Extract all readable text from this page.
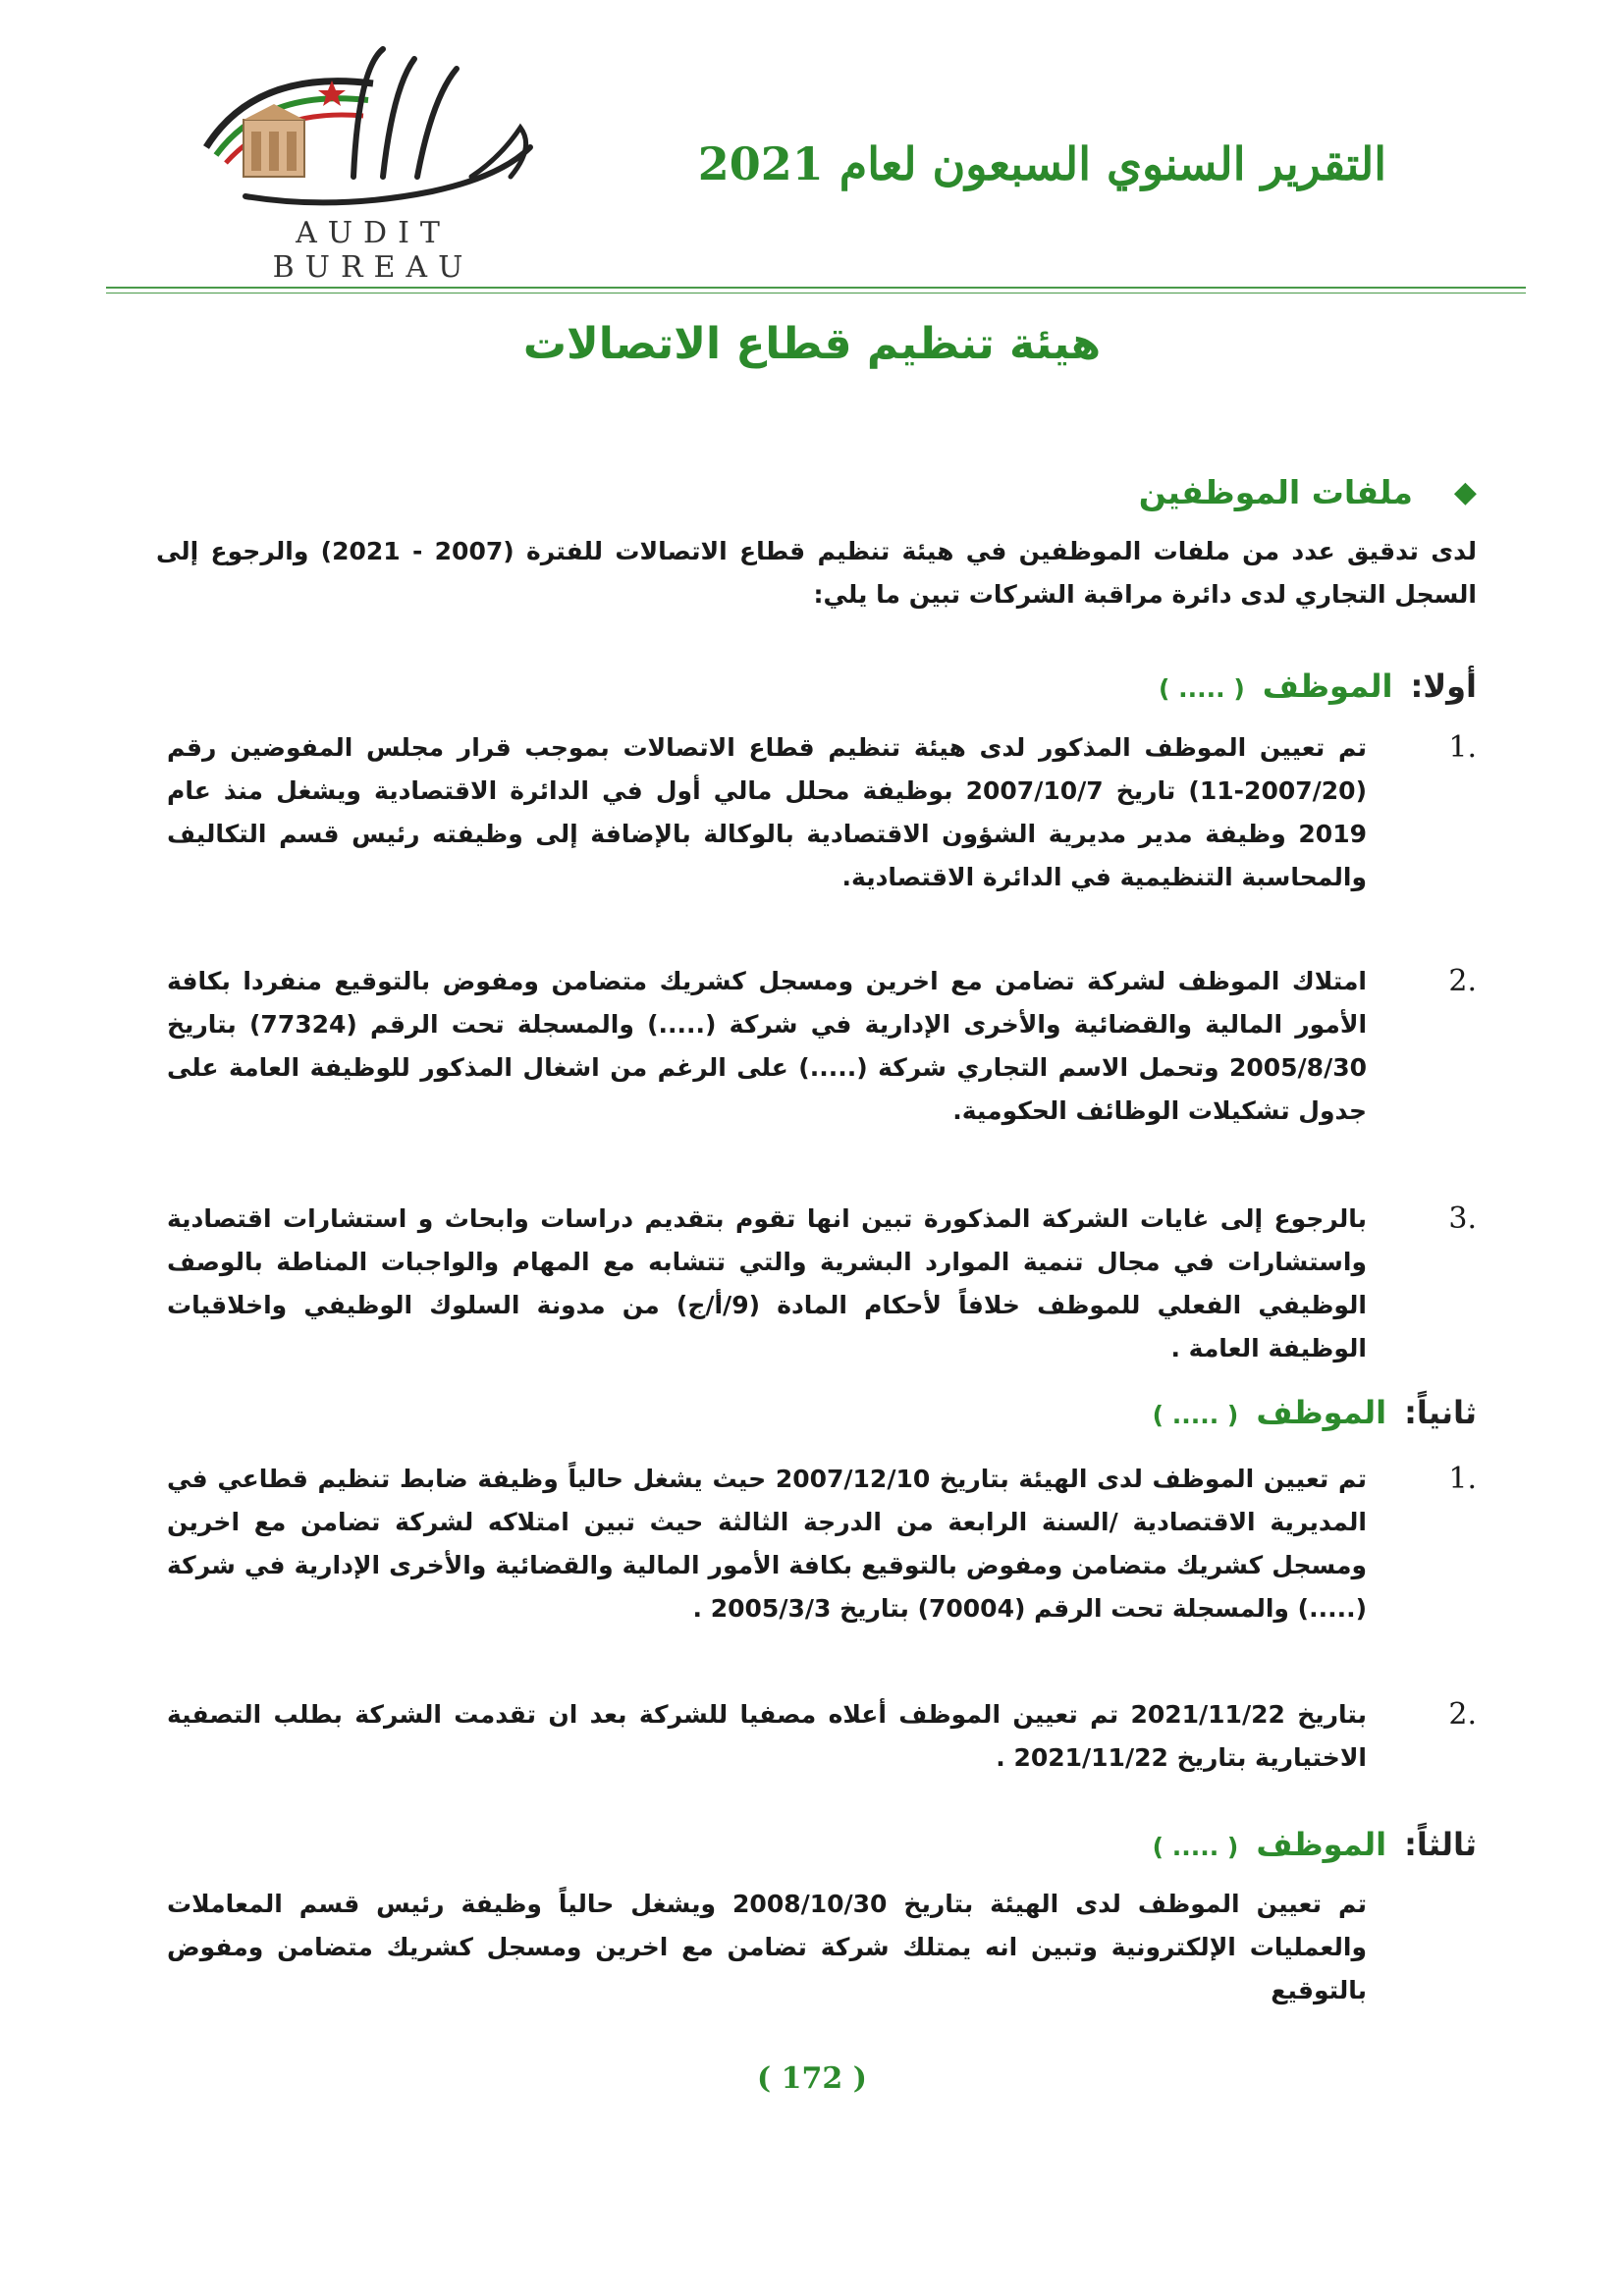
AUDIT BUREAU
التقرير السنوي السبعون لعام 2021
هيئة تنظيم قطاع الاتصالات
◆
ملفات الموظفين

لدى تدقيق عدد من ملفات الموظفين في هيئة تنظيم قطاع الاتصالات للفترة (2007 - 2021) والرجوع إلى السجل التجاري لدى دائرة مراقبة الشركات تبين ما يلي:

أولا:
الموظف
( ..... )
1.

تم تعيين الموظف المذكور لدى هيئة تنظيم قطاع الاتصالات بموجب قرار مجلس المفوضين رقم (2007/20-11) تاريخ 2007/10/7 بوظيفة محلل مالي أول في الدائرة الاقتصادية ويشغل منذ عام 2019 وظيفة مدير مديرية الشؤون الاقتصادية بالوكالة بالإضافة إلى وظيفته رئيس قسم التكاليف والمحاسبة التنظيمية في الدائرة الاقتصادية.

2.

امتلاك الموظف لشركة تضامن مع اخرين ومسجل كشريك متضامن ومفوض بالتوقيع منفردا بكافة الأمور المالية والقضائية والأخرى الإدارية في شركة (.....) والمسجلة تحت الرقم (77324) بتاريخ 2005/8/30 وتحمل الاسم التجاري شركة (.....) على الرغم من اشغال المذكور للوظيفة العامة على جدول تشكيلات الوظائف الحكومية.

3.

بالرجوع إلى غايات الشركة المذكورة تبين انها تقوم بتقديم دراسات وابحاث و استشارات اقتصادية واستشارات في مجال تنمية الموارد البشرية والتي تتشابه مع المهام والواجبات المناطة بالوصف الوظيفي الفعلي للموظف خلافاً لأحكام المادة (9/أ/ج) من مدونة السلوك الوظيفي واخلاقيات الوظيفة العامة .

ثانياً:
الموظف
( ..... )
1.

تم تعيين الموظف لدى الهيئة بتاريخ 2007/12/10 حيث يشغل حالياً وظيفة ضابط تنظيم قطاعي في المديرية الاقتصادية /السنة الرابعة من الدرجة الثالثة حيث تبين امتلاكه لشركة تضامن مع اخرين ومسجل كشريك متضامن ومفوض بالتوقيع بكافة الأمور المالية والقضائية والأخرى الإدارية في شركة (.....) والمسجلة تحت الرقم (70004) بتاريخ 2005/3/3 .

2.

بتاريخ 2021/11/22 تم تعيين الموظف أعلاه مصفيا للشركة بعد ان تقدمت الشركة بطلب التصفية الاختيارية بتاريخ 2021/11/22 .

ثالثاً:
الموظف
( ..... )

تم تعيين الموظف لدى الهيئة بتاريخ 2008/10/30 ويشغل حالياً وظيفة رئيس قسم المعاملات والعمليات الإلكترونية وتبين انه يمتلك شركة تضامن مع اخرين ومسجل كشريك متضامن ومفوض بالتوقيع

( 172 )
